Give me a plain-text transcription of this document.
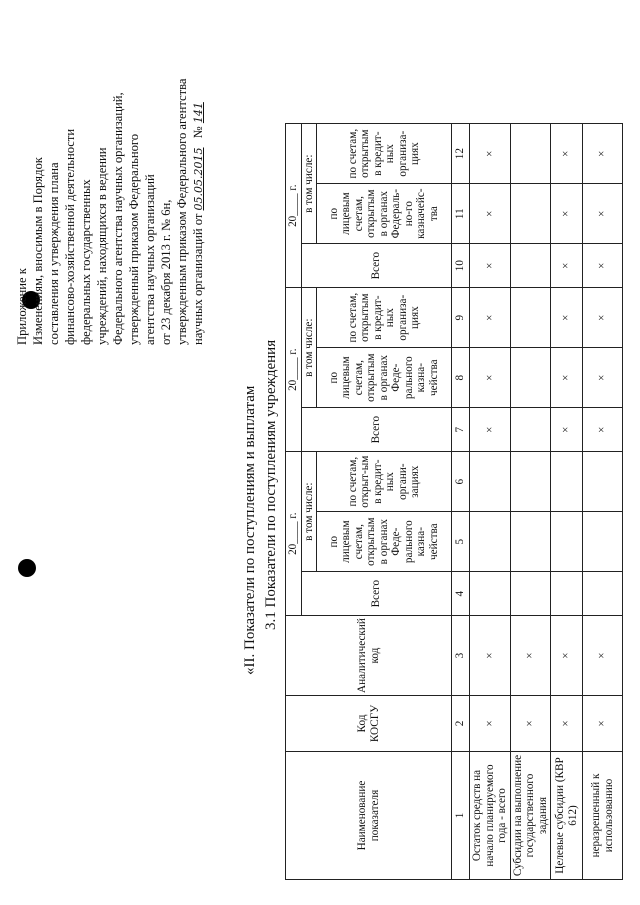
Приложение к Изменениям, вносимым в Порядок составления и утверждения плана финансово-хозяйственной деятельности федеральных государственных учреждений, находящихся в ведении Федерального агентства научных организаций, утвержденный приказом Федерального агентства научных организаций от 23 декабря 2013 г. № 6н, утвержденным приказом Федерального агентства научных организаций от 05.05.2015 № 141
«II. Показатели по поступлениям и выплатам 3.1 Показатели по поступлениям учреждения
Наименование показателя	Код КОСГУ	Аналитический код	20____ г.			20____ г.			20____ г.		
			Всего	в том числе:		Всего	в том числе:		Всего	в том числе:	
				по лицевым счетам, открытым в органах Феде-рального казна-чейства	по счетам, открыт-ым в кредит-ных органи-зациях		по лицевым счетам, открытым в органах Феде-рального казна-чейства	по счетам, открытым в кредит-ных организа-циях		по лицевым счетам, открытым в органах Федераль-но-го казначейс-тва	по счетам, открытым в кредит-ных организа-циях
1	2	3	4	5	6	7	8	9	10	11	12
Остаток средств на начало планируемого года - всего	×	×				×	×	×	×	×	×
Субсидии на выполнение государственного задания	×	×									
Целевые субсидии (КВР 612)	×	×				×	×	×	×	×	×
неразрешенный к использованию	×	×				×	×	×	×	×	×
